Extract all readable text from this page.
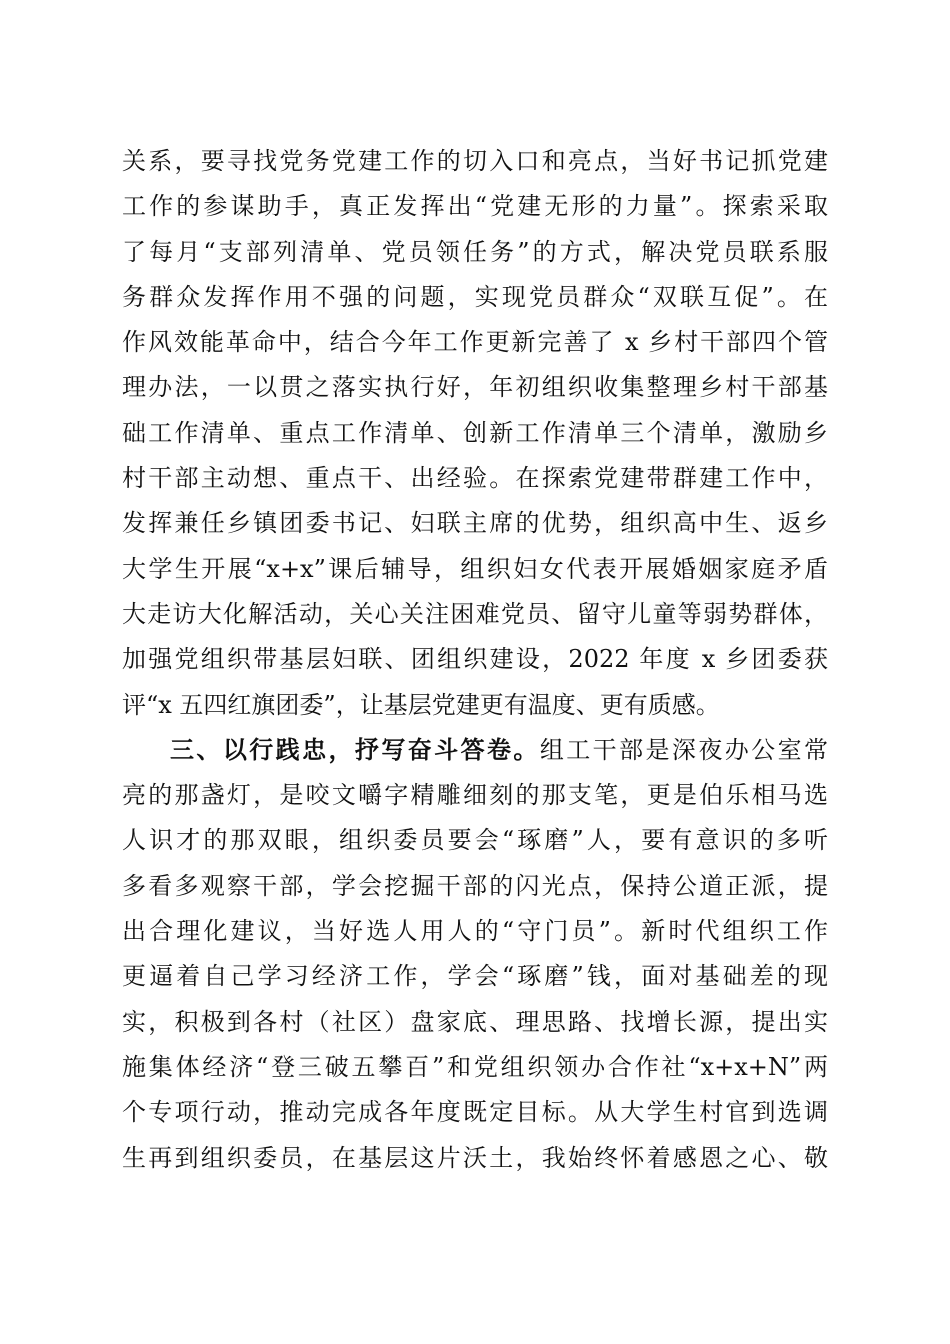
关系，要寻找党务党建工作的切入口和亮点，当好书记抓党建
工作的参谋助手，真正发挥出“党建无形的力量”。探索采取
了每月“支部列清单、党员领任务”的方式，解决党员联系服
务群众发挥作用不强的问题，实现党员群众“双联互促”。在
作风效能革命中，结合今年工作更新完善了 x 乡村干部四个管
理办法，一以贯之落实执行好，年初组织收集整理乡村干部基
础工作清单、重点工作清单、创新工作清单三个清单，激励乡
村干部主动想、重点干、出经验。在探索党建带群建工作中，
发挥兼任乡镇团委书记、妇联主席的优势，组织高中生、返乡
大学生开展“x+x”课后辅导，组织妇女代表开展婚姻家庭矛盾
大走访大化解活动，关心关注困难党员、留守儿童等弱势群体，
加强党组织带基层妇联、团组织建设，2022 年度 x 乡团委获
评“x 五四红旗团委”，让基层党建更有温度、更有质感。
三、以行践忠，抒写奋斗答卷。组工干部是深夜办公室常
亮的那盏灯，是咬文嚼字精雕细刻的那支笔，更是伯乐相马选
人识才的那双眼，组织委员要会“琢磨”人，要有意识的多听
多看多观察干部，学会挖掘干部的闪光点，保持公道正派，提
出合理化建议，当好选人用人的“守门员”。新时代组织工作
更逼着自己学习经济工作，学会“琢磨”钱，面对基础差的现
实，积极到各村（社区）盘家底、理思路、找增长源，提出实
施集体经济“登三破五攀百”和党组织领办合作社“x+x+N”两
个专项行动，推动完成各年度既定目标。从大学生村官到选调
生再到组织委员，在基层这片沃土，我始终怀着感恩之心、敬
